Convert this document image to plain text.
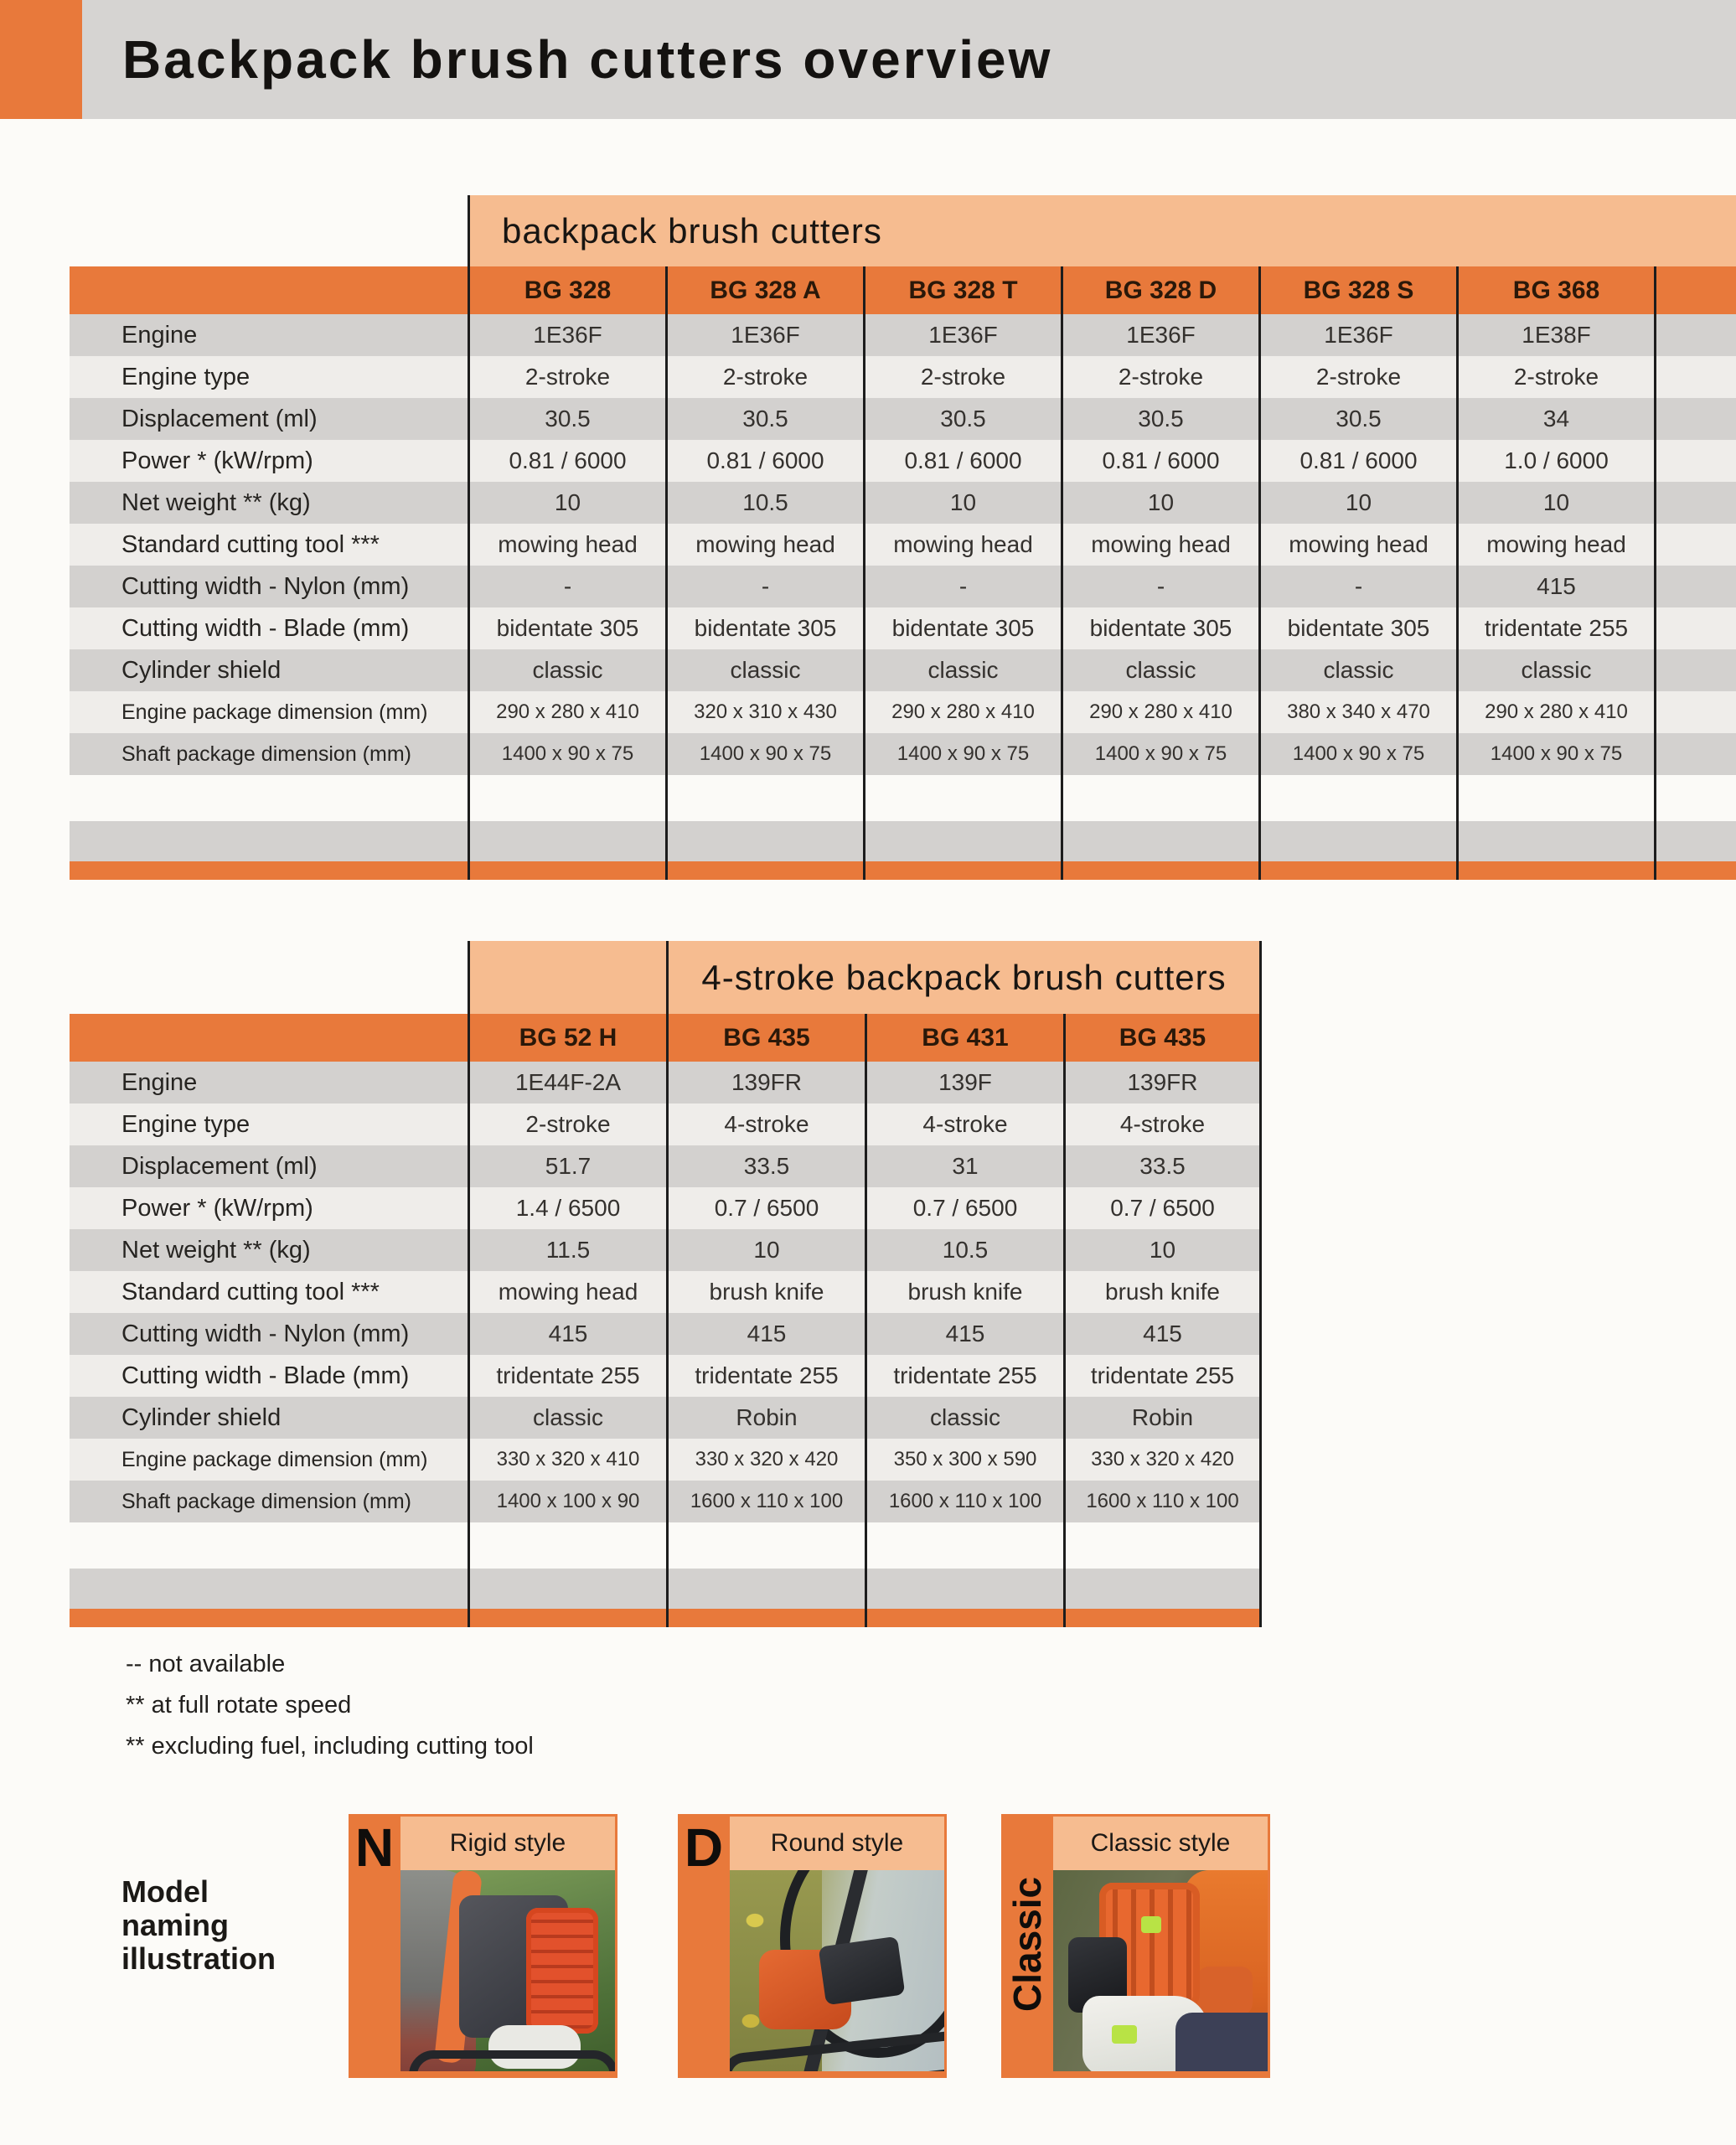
Backpack brush cutters overview
backpack brush cutters
BG 328	BG 328 A	BG 328 T	BG 328 D	BG 328 S	BG 368
Engine	1E36F	1E36F	1E36F	1E36F	1E36F	1E38F
Engine type	2-stroke	2-stroke	2-stroke	2-stroke	2-stroke	2-stroke
Displacement (ml)	30.5	30.5	30.5	30.5	30.5	34
Power * (kW/rpm)	0.81 / 6000	0.81 / 6000	0.81 / 6000	0.81 / 6000	0.81 / 6000	1.0 / 6000
Net weight ** (kg)	10	10.5	10	10	10	10
Standard cutting tool ***	mowing head	mowing head	mowing head	mowing head	mowing head	mowing head
Cutting width - Nylon (mm)	-	-	-	-	-	415
Cutting width - Blade (mm)	bidentate 305	bidentate 305	bidentate 305	bidentate 305	bidentate 305	tridentate 255
Cylinder shield	classic	classic	classic	classic	classic	classic
Engine package dimension (mm)	290 x 280 x 410	320 x 310 x 430	290 x 280 x 410	290 x 280 x 410	380 x 340 x 470	290 x 280 x 410
Shaft package dimension (mm)	1400 x 90 x 75	1400 x 90 x 75	1400 x 90 x 75	1400 x 90 x 75	1400 x 90 x 75	1400 x 90 x 75
4-stroke backpack brush cutters
BG 52 H	BG 435	BG 431	BG 435
Engine	1E44F-2A	139FR	139F	139FR
Engine type	2-stroke	4-stroke	4-stroke	4-stroke
Displacement (ml)	51.7	33.5	31	33.5
Power * (kW/rpm)	1.4 / 6500	0.7 / 6500	0.7 / 6500	0.7 / 6500
Net weight ** (kg)	11.5	10	10.5	10
Standard cutting tool ***	mowing head	brush knife	brush knife	brush knife
Cutting width - Nylon (mm)	415	415	415	415
Cutting width - Blade (mm)	tridentate 255	tridentate 255	tridentate 255	tridentate 255
Cylinder shield	classic	Robin	classic	Robin
Engine package dimension (mm)	330 x 320 x 410	330 x 320 x 420	350 x 300 x 590	330 x 320 x 420
Shaft package dimension (mm)	1400 x 100 x 90	1600 x 110 x 100	1600 x 110 x 100	1600 x 110 x 100
-- not available
** at full rotate speed
** excluding fuel, including cutting tool
Model
naming
illustration
N	Rigid style	D	Round style
Classic
Classic style
